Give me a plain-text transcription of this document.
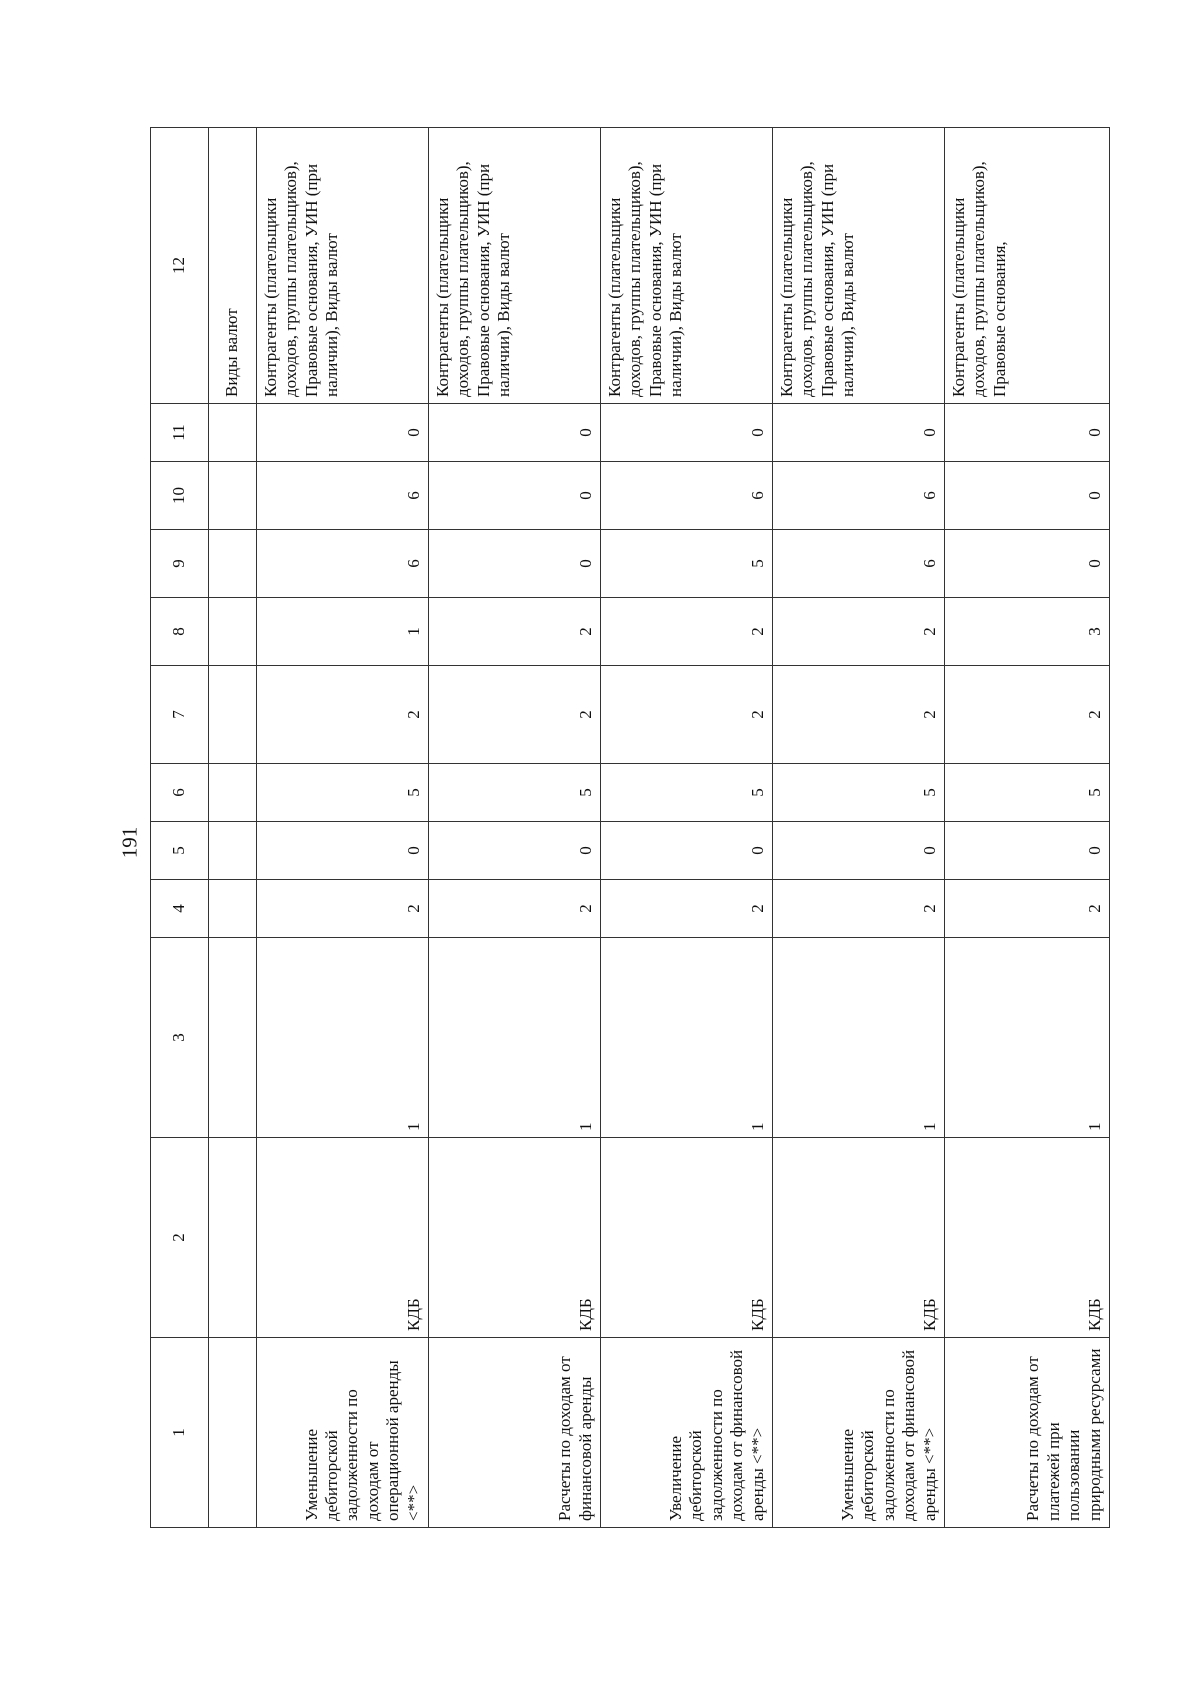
191
1	2	3	4	5	6	7	8	9	10	11	12
											Виды валют
Уменьшение дебиторской задолженности по доходам от операционной аренды <**>	КДБ	1	2	0	5	2	1	6	6	0	Контрагенты (плательщики доходов, группы плательщиков), Правовые основания, УИН (при наличии), Виды валют
Расчеты по доходам от финансовой аренды	КДБ	1	2	0	5	2	2	0	0	0	Контрагенты (плательщики доходов, группы плательщиков), Правовые основания, УИН (при наличии), Виды валют
Увеличение дебиторской задолженности по доходам от финансовой аренды <**>	КДБ	1	2	0	5	2	2	5	6	0	Контрагенты (плательщики доходов, группы плательщиков), Правовые основания, УИН (при наличии), Виды валют
Уменьшение дебиторской задолженности по доходам от финансовой аренды <**>	КДБ	1	2	0	5	2	2	6	6	0	Контрагенты (плательщики доходов, группы плательщиков), Правовые основания, УИН (при наличии), Виды валют
Расчеты по доходам от платежей при пользовании природными ресурсами	КДБ	1	2	0	5	2	3	0	0	0	Контрагенты (плательщики доходов, группы плательщиков), Правовые основания,
